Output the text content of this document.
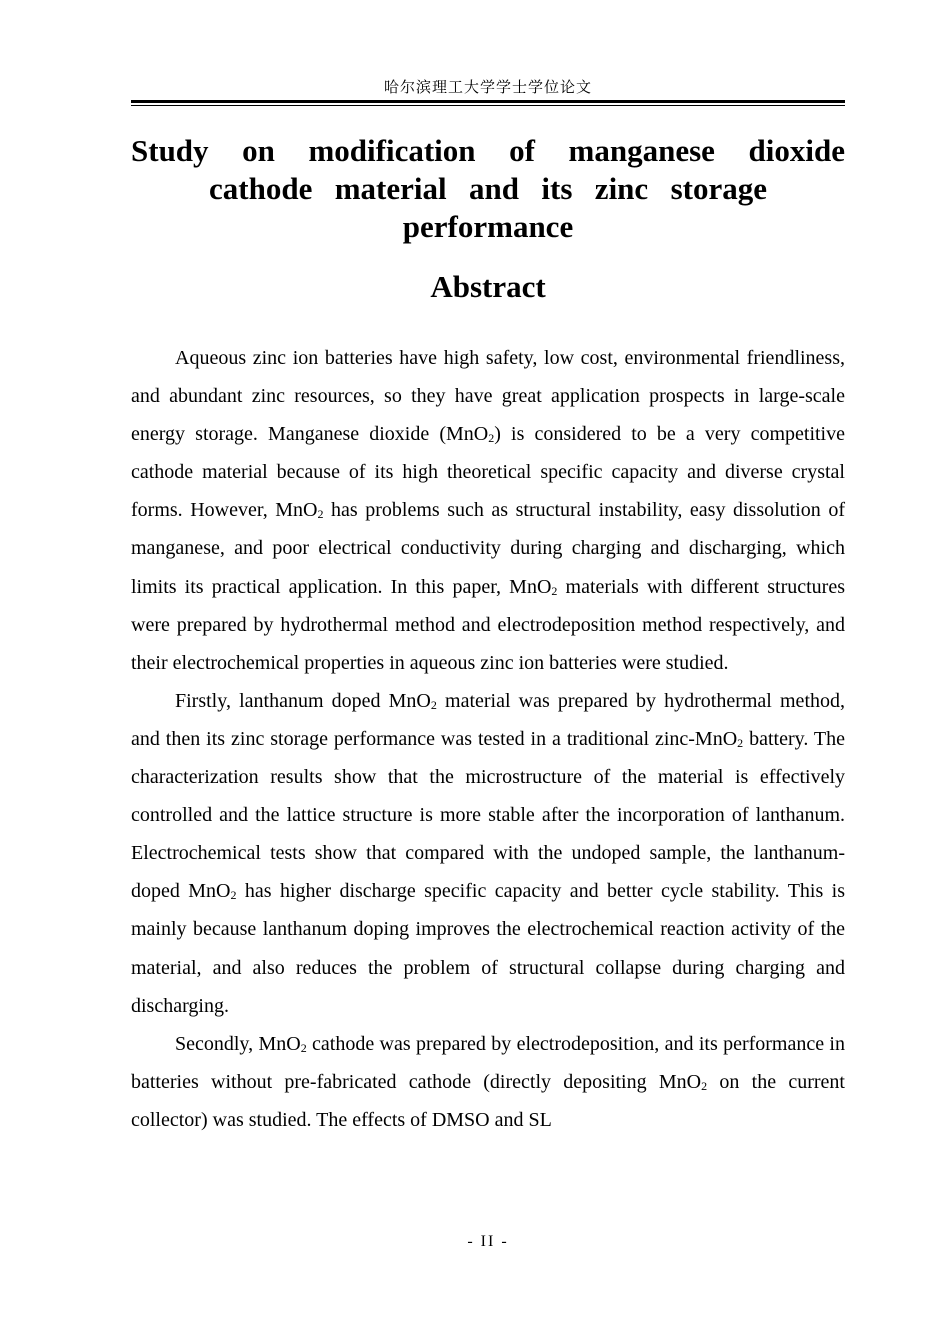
哈尔滨理工大学学士学位论文
Study on modification of manganese dioxide
cathode material and its zinc storage
performance
Abstract

Aqueous zinc ion batteries have high safety, low cost, environmental friendliness, and abundant zinc resources, so they have great application prospects in large-scale energy storage. Manganese dioxide (MnO$_2$) is considered to be a very competitive cathode material because of its high theoretical specific capacity and diverse crystal forms. However, MnO$_2$ has problems such as structural instability, easy dissolution of manganese, and poor electrical conductivity during charging and discharging, which limits its practical application. In this paper, MnO$_2$ materials with different structures were prepared by hydrothermal method and electrodeposition method respectively, and their electrochemical properties in aqueous zinc ion batteries were studied.

Firstly, lanthanum doped MnO$_2$ material was prepared by hydrothermal method, and then its zinc storage performance was tested in a traditional zinc-MnO$_2$ battery. The characterization results show that the microstructure of the material is effectively controlled and the lattice structure is more stable after the incorporation of lanthanum. Electrochemical tests show that compared with the undoped sample, the lanthanum-doped MnO$_2$ has higher discharge specific capacity and better cycle stability. This is mainly because lanthanum doping improves the electrochemical reaction activity of the material, and also reduces the problem of structural collapse during charging and discharging.

Secondly, MnO$_2$ cathode was prepared by electrodeposition, and its performance in batteries without pre-fabricated cathode (directly depositing MnO$_2$ on the current collector) was studied. The effects of DMSO and SL

- II -
